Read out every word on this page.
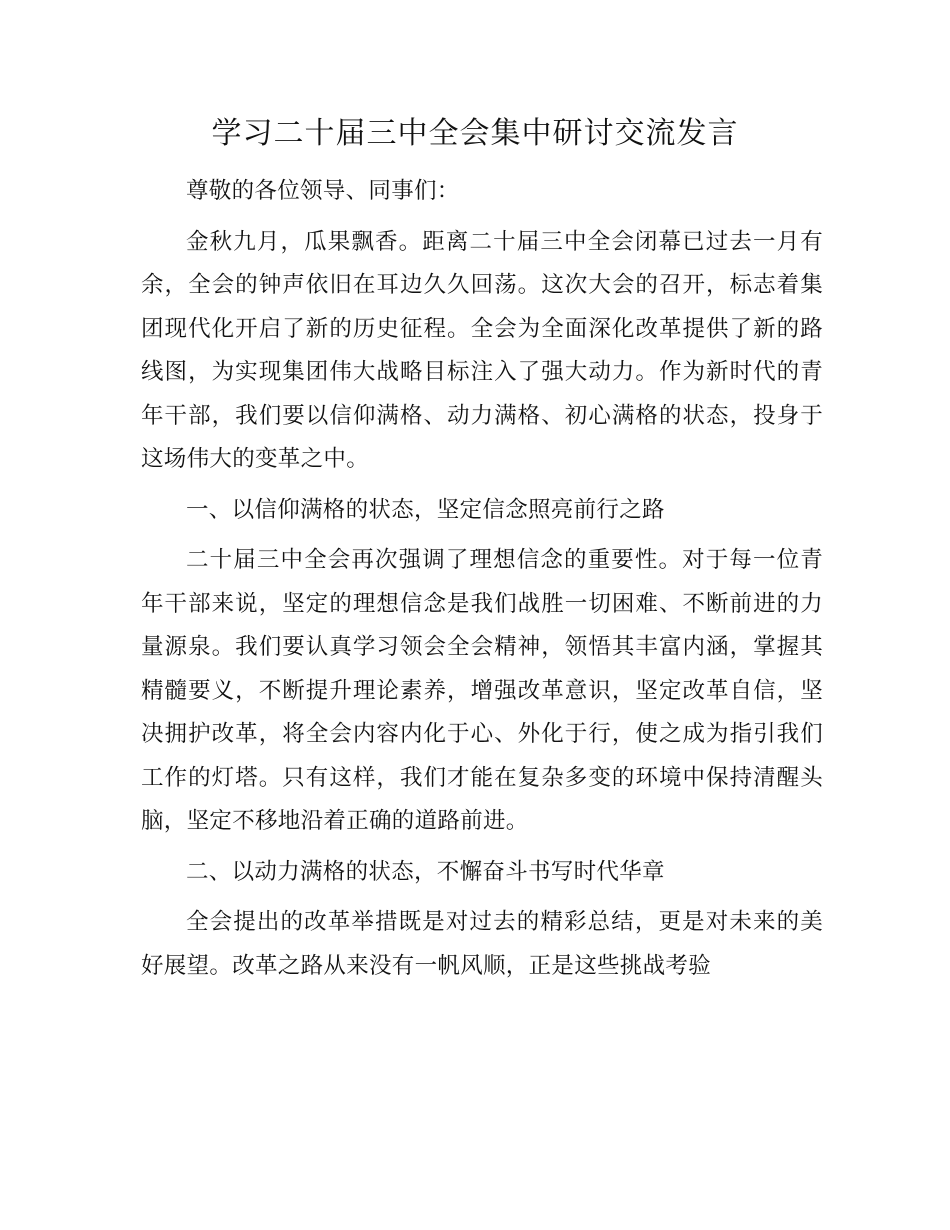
学习二十届三中全会集中研讨交流发言

尊敬的各位领导、同事们：

金秋九月，瓜果飘香。距离二十届三中全会闭幕已过去一月有余，全会的钟声依旧在耳边久久回荡。这次大会的召开，标志着集团现代化开启了新的历史征程。全会为全面深化改革提供了新的路线图，为实现集团伟大战略目标注入了强大动力。作为新时代的青年干部，我们要以信仰满格、动力满格、初心满格的状态，投身于这场伟大的变革之中。

一、以信仰满格的状态，坚定信念照亮前行之路

二十届三中全会再次强调了理想信念的重要性。对于每一位青年干部来说，坚定的理想信念是我们战胜一切困难、不断前进的力量源泉。我们要认真学习领会全会精神，领悟其丰富内涵，掌握其精髓要义，不断提升理论素养，增强改革意识，坚定改革自信，坚决拥护改革，将全会内容内化于心、外化于行，使之成为指引我们工作的灯塔。只有这样，我们才能在复杂多变的环境中保持清醒头脑，坚定不移地沿着正确的道路前进。

二、以动力满格的状态，不懈奋斗书写时代华章

全会提出的改革举措既是对过去的精彩总结，更是对未来的美好展望。改革之路从来没有一帆风顺，正是这些挑战考验
